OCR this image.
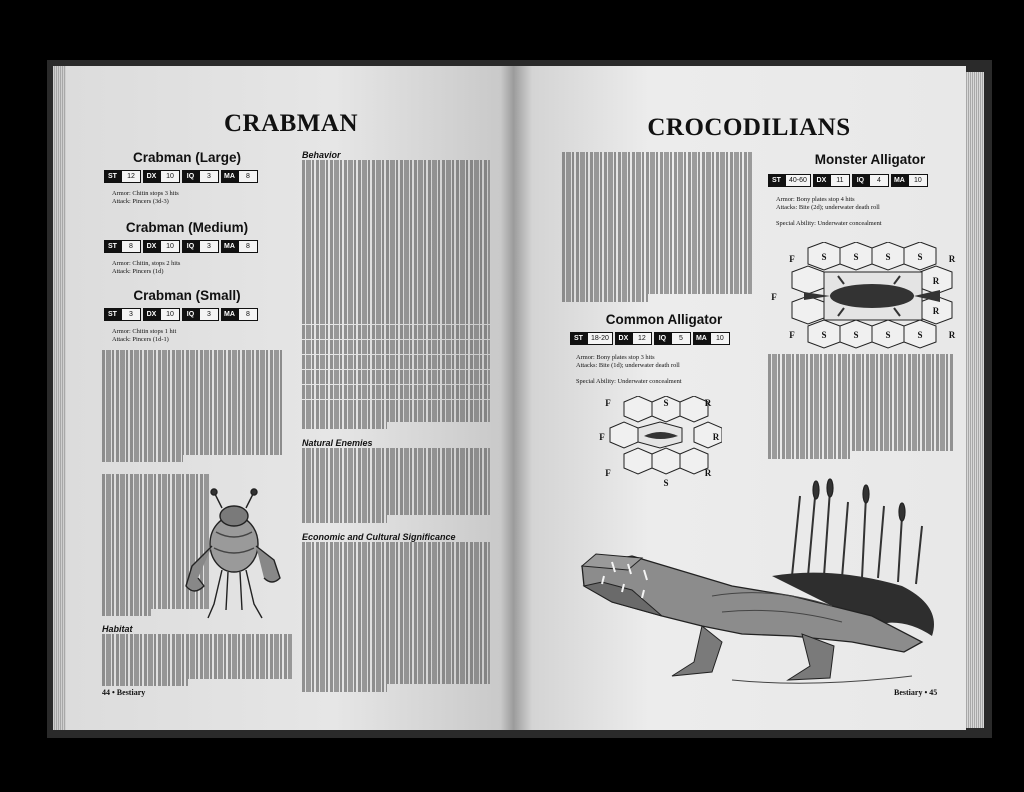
CRABMAN
Crabman (Large)
ST	12	DX	10	IQ	3	MA	8
Armor: Chitin stops 3 hits
Attack: Pincers (3d-3)
Crabman (Medium)
ST	8	DX	10	IQ	3	MA	8
Armor: Chitin, stops 2 hits
Attack: Pincers (1d)
Crabman (Small)
ST	3	DX	10	IQ	3	MA	8
Armor: Chitin stops 1 hit
Attack: Pincers (1d-1)
Behavior
Natural Enemies
Economic and Cultural Significance
Habitat
44 • Bestiary
CROCODILIANS
Monster Alligator
ST	40-60	DX	11	IQ	4	MA	10
Armor: Bony plates stop 4 hits
Attacks: Bite (2d); underwater death roll
Special Ability: Underwater concealment
F
F
F
S	S	S	S
S	S	S	S
R
R
R
R
Common Alligator
ST	18-20	DX	12	IQ	5	MA	10
Armor: Bony plates stop 3 hits
Attacks: Bite (1d); underwater death roll
Special Ability: Underwater concealment
F
F
F
S
S
R
R
R
Bestiary • 45
